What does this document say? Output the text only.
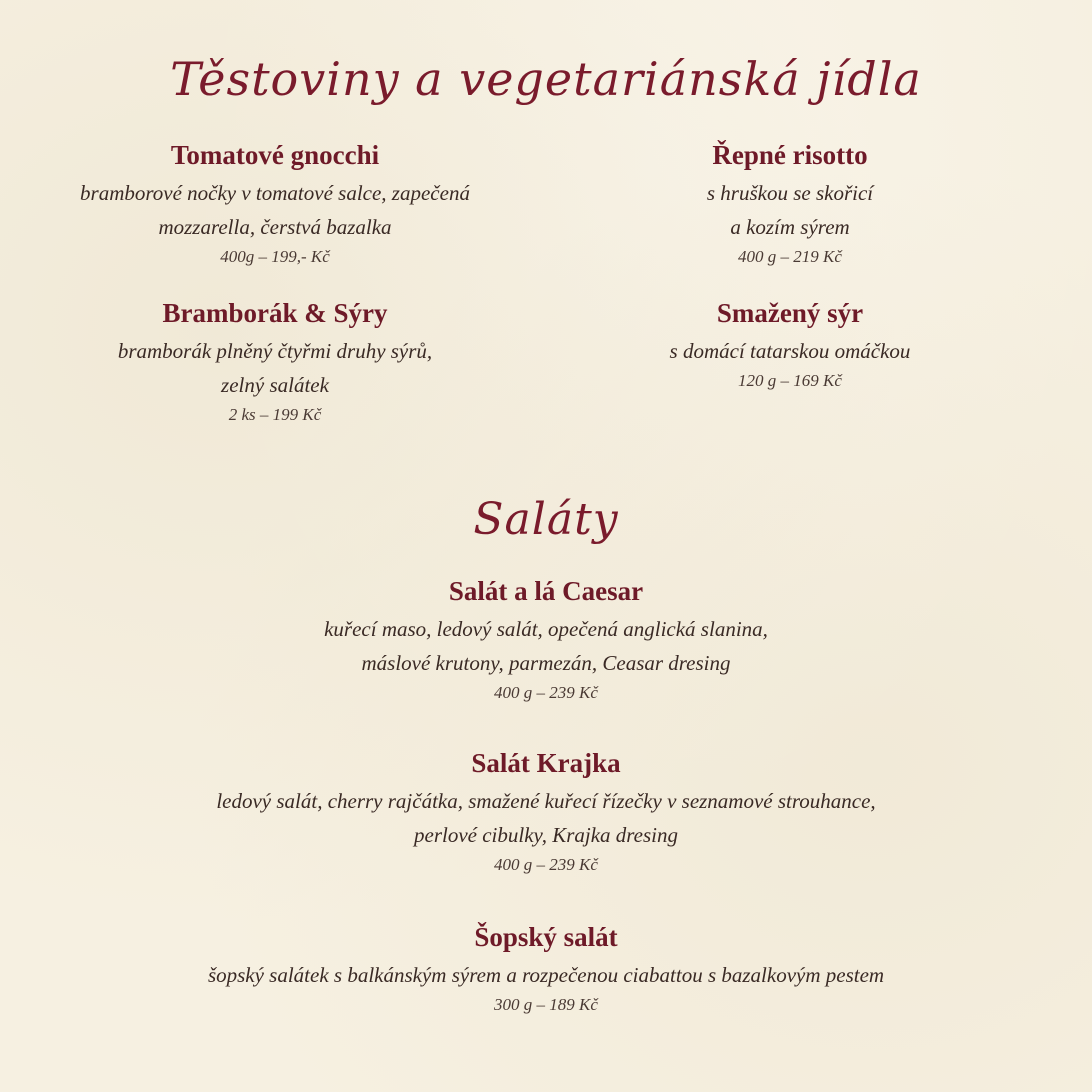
Těstoviny a vegetariánská jídla
Tomatové gnocchi
bramborové nočky v tomatové salce, zapečená
mozzarella, čerstvá bazalka
400g – 199,- Kč
Řepné risotto
s hruškou se skořicí
a kozím sýrem
400 g – 219 Kč
Bramborák & Sýry
bramborák plněný čtyřmi druhy sýrů,
zelný salátek
2 ks – 199 Kč
Smažený sýr
s domácí tatarskou omáčkou
120 g – 169 Kč
Saláty
Salát a lá Caesar
kuřecí maso, ledový salát, opečená anglická slanina,
máslové krutony, parmezán, Ceasar dresing
400 g – 239 Kč
Salát Krajka
ledový salát, cherry rajčátka, smažené kuřecí řízečky v seznamové strouhance,
perlové cibulky, Krajka dresing
400 g – 239 Kč
Šopský salát
šopský salátek s balkánským sýrem a rozpečenou ciabattou s bazalkovým pestem
300 g – 189 Kč
